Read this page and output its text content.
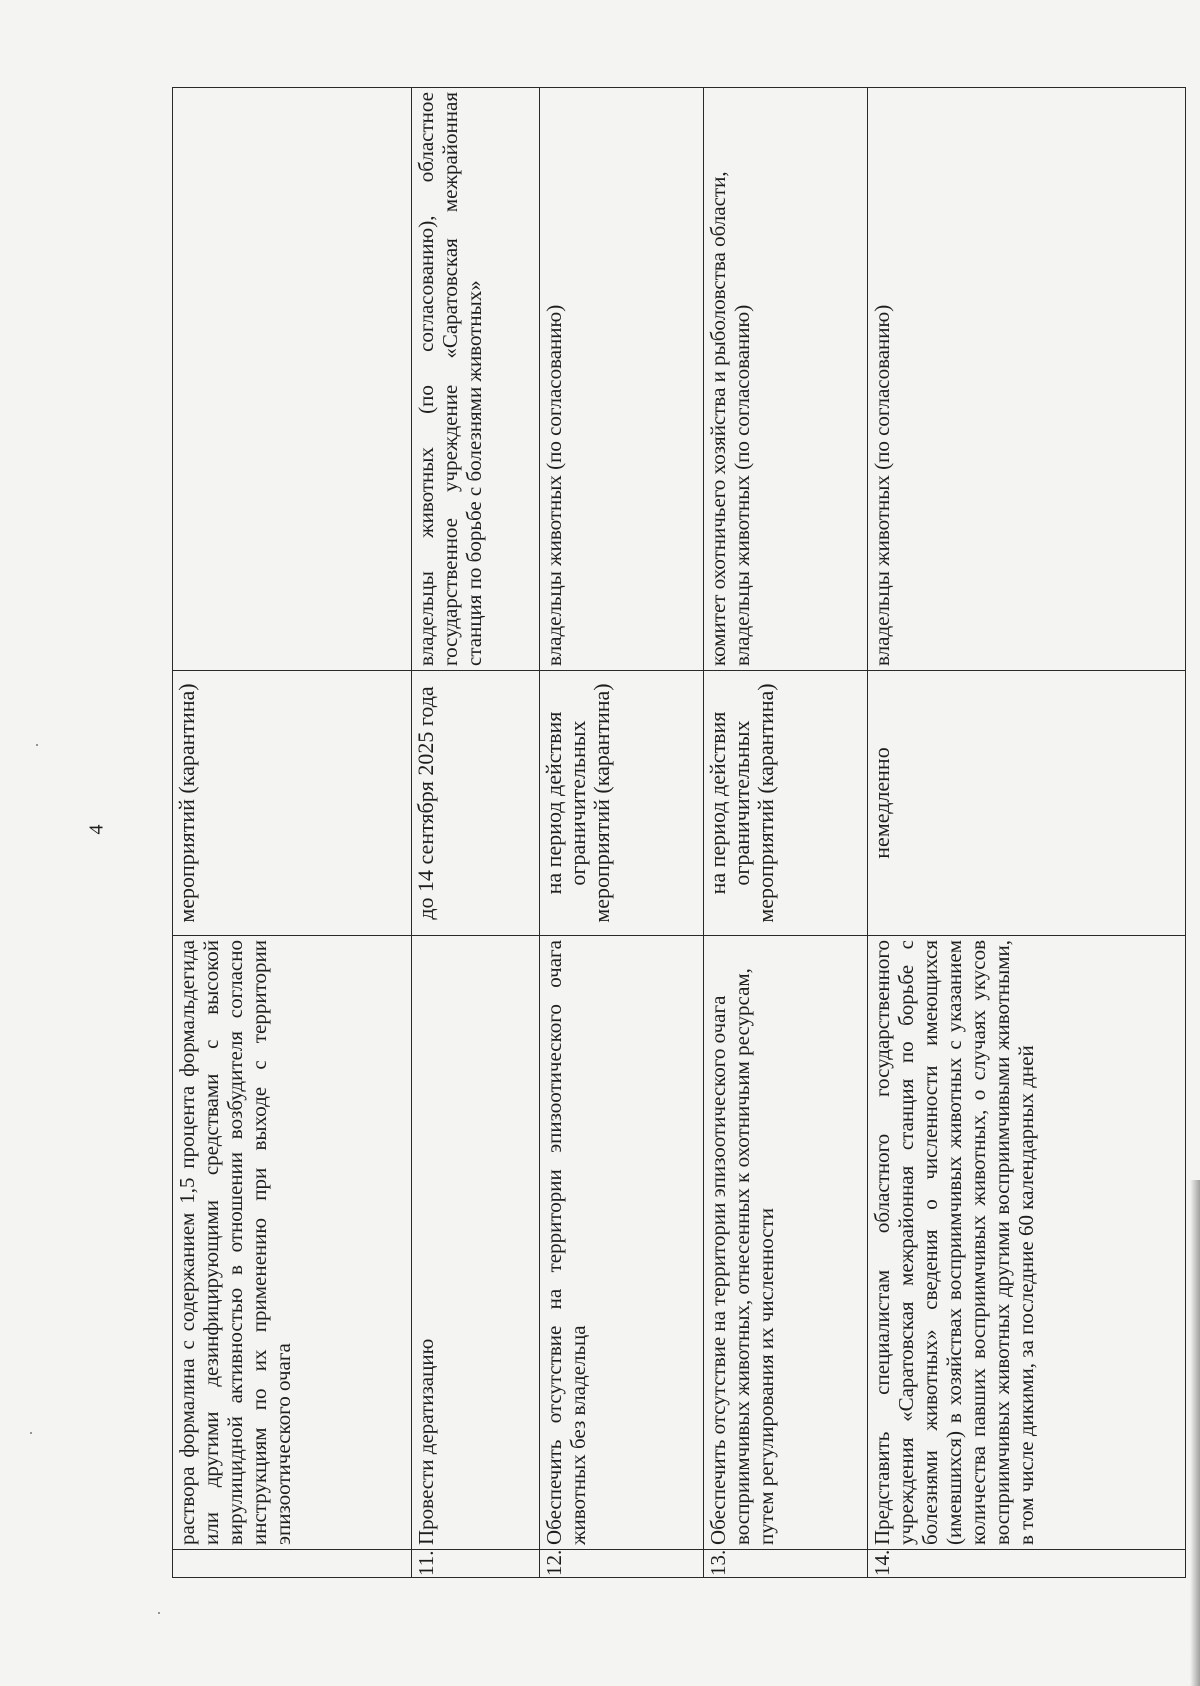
4
	раствора формалина с содержанием 1,5 процента формальдегида или другими дезинфицирующими средствами с высокой вирулицидной активностью в отношении возбудителя согласно инструкциям по их применению при выходе с территории эпизоотического очага	мероприятий (карантина)	
11.	Провести дератизацию	до 14 сентября 2025 года	владельцы животных (по согласованию), областное государственное учреждение «Саратовская межрайонная станция по борьбе с болезнями животных»
12.	Обеспечить отсутствие на территории эпизоотического очага животных без владельца	на период действия ограничительных мероприятий (карантина)	владельцы животных (по согласованию)
13.	Обеспечить отсутствие на территории эпизоотического очага восприимчивых животных, отнесенных к охотничьим ресурсам, путем регулирования их численности	на период действия ограничительных мероприятий (карантина)	комитет охотничьего хозяйства и рыболовства области, владельцы животных (по согласованию)
14.	Представить специалистам областного государственного учреждения «Саратовская межрайонная станция по борьбе с болезнями животных» сведения о численности имеющихся (имевшихся) в хозяйствах восприимчивых животных с указанием количества павших восприимчивых животных, о случаях укусов восприимчивых животных другими восприимчивыми животными, в том числе дикими, за последние 60 календарных дней	немедленно	владельцы животных (по согласованию)
